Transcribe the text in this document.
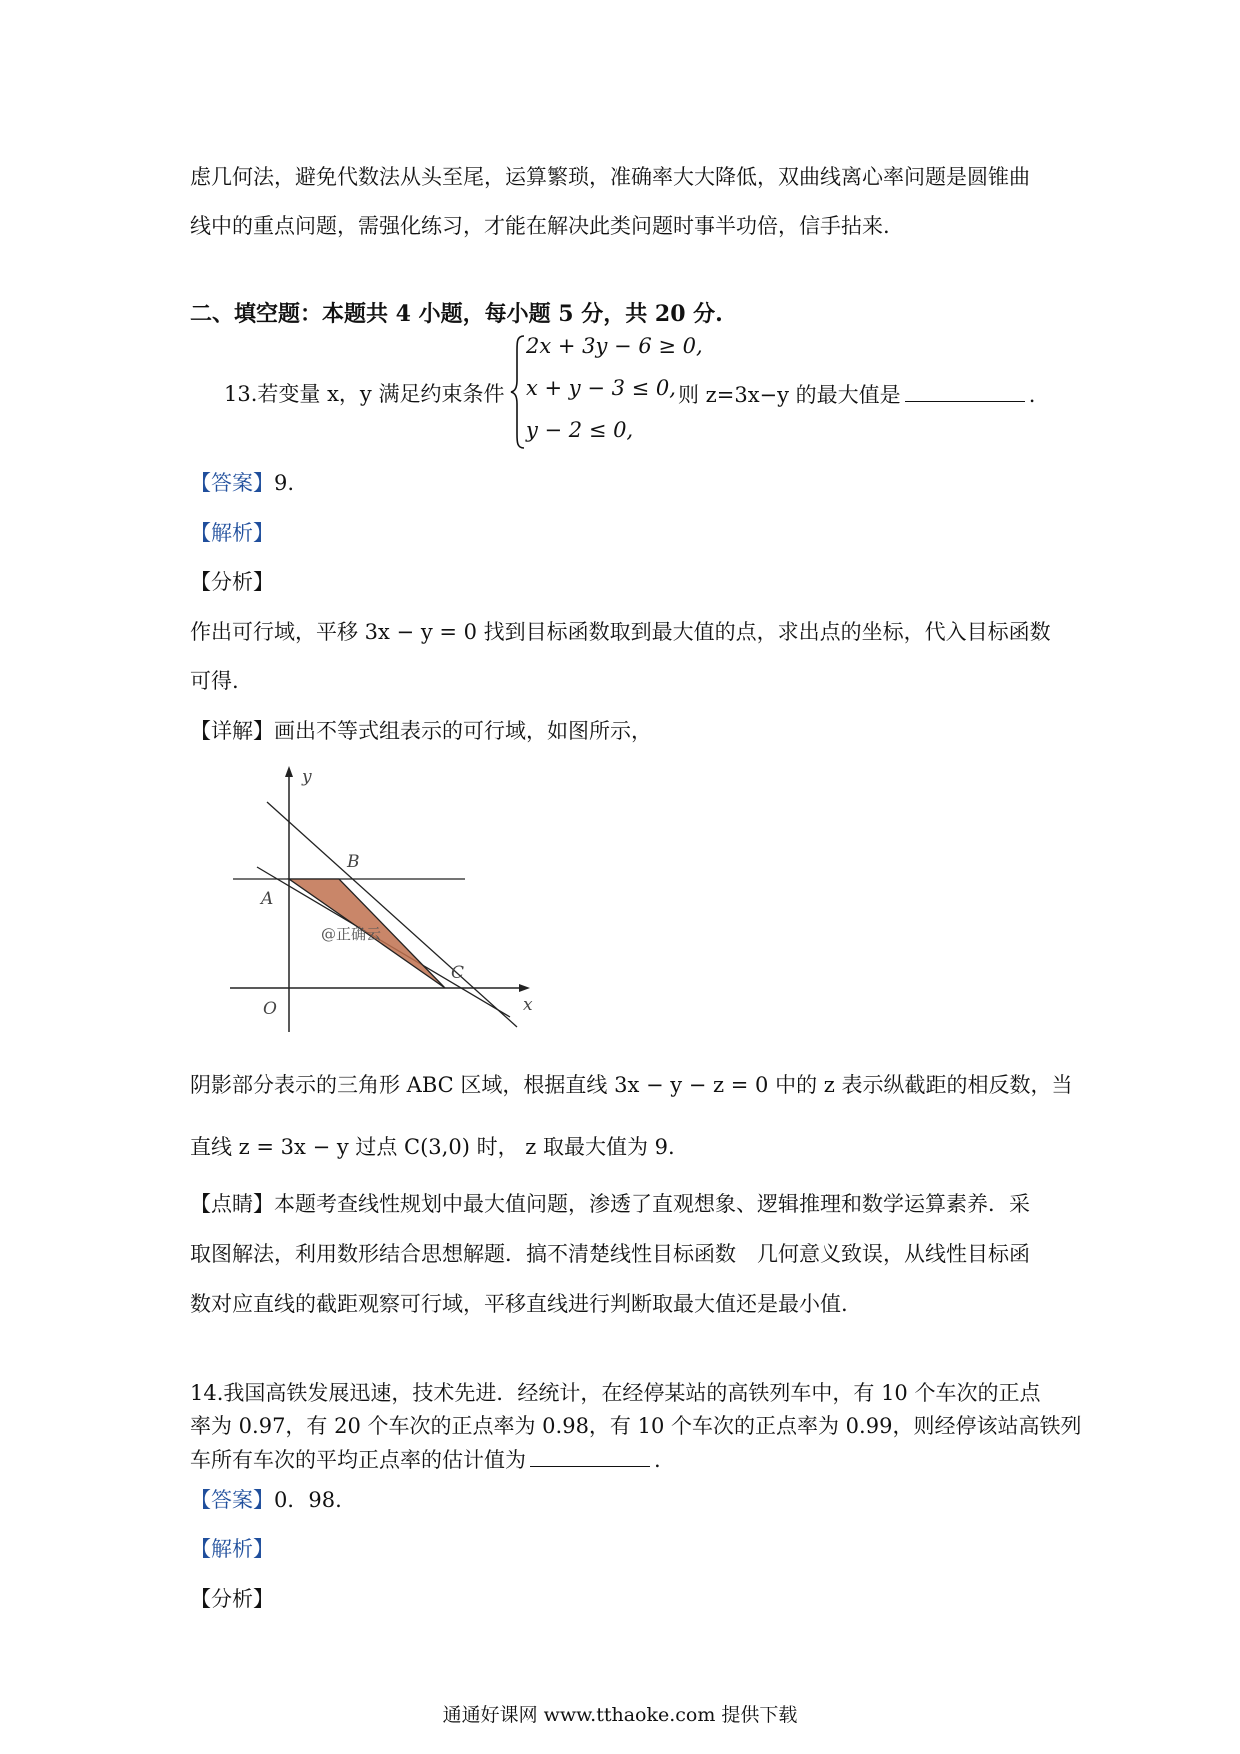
虑几何法，避免代数法从头至尾，运算繁琐，准确率大大降低，双曲线离心率问题是圆锥曲
线中的重点问题，需强化练习，才能在解决此类问题时事半功倍，信手拈来.
二、填空题：本题共 4 小题，每小题 5 分，共 20 分.
13.若变量 x，y 满足约束条件
2x + 3y − 6 ≥ 0,
x + y − 3 ≤ 0,
y − 2 ≤ 0,
则 z=3x−y 的最大值是	.
【答案】9.
【解析】
【分析】
作出可行域，平移 3x − y = 0 找到目标函数取到最大值的点，求出点的坐标，代入目标函数
可得.
【详解】画出不等式组表示的可行域，如图所示，
y
x
O
A
B
C
@正确云
阴影部分表示的三角形 ABC 区域，根据直线 3x − y − z = 0 中的 z 表示纵截距的相反数，当
直线 z = 3x − y 过点 C(3,0) 时， z 取最大值为 9.
【点睛】本题考查线性规划中最大值问题，渗透了直观想象、逻辑推理和数学运算素养．采
取图解法，利用数形结合思想解题．搞不清楚线性目标函数　几何意义致误，从线性目标函
数对应直线的截距观察可行域，平移直线进行判断取最大值还是最小值.
14.我国高铁发展迅速，技术先进．经统计，在经停某站的高铁列车中，有 10 个车次的正点
率为 0.97，有 20 个车次的正点率为 0.98，有 10 个车次的正点率为 0.99，则经停该站高铁列
车所有车次的平均正点率的估计值为	.
【答案】0．98.
【解析】
【分析】
通通好课网 www.tthaoke.com 提供下载
